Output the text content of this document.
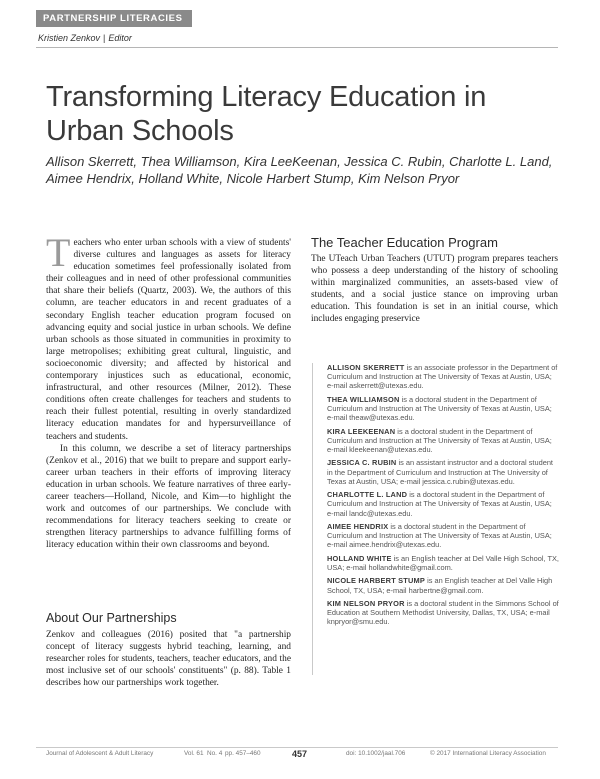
PARTNERSHIP LITERACIES
Kristien Zenkov | Editor
Transforming Literacy Education in Urban Schools
Allison Skerrett, Thea Williamson, Kira LeeKeenan, Jessica C. Rubin, Charlotte L. Land, Aimee Hendrix, Holland White, Nicole Harbert Stump, Kim Nelson Pryor

Teachers who enter urban schools with a view of students' diverse cultures and languages as assets for literacy education sometimes feel professionally isolated from their colleagues and in need of other professional communities that share their beliefs (Quartz, 2003). We, the authors of this column, are teacher educators in and recent graduates of a secondary English teacher education program focused on advancing equity and social justice in urban schools. We define urban schools as those situated in communities in proximity to large metropolises; exhibiting great cultural, linguistic, and socioeconomic diversity; and affected by historical and contemporary injustices such as educational, economic, infrastructural, and other resources (Milner, 2012). These conditions often create challenges for teachers and students to reach their fullest potential, resulting in overly standardized literacy education mandates for and hypersurveillance of teachers and students.

In this column, we describe a set of literacy partnerships (Zenkov et al., 2016) that we built to prepare and support early-career urban teachers in their efforts of improving literacy education in urban schools. We feature narratives of three early-career teachers—Holland, Nicole, and Kim—to highlight the work and outcomes of our partnerships. We conclude with recommendations for literacy teachers seeking to create or strengthen literacy partnerships to advance fulfilling forms of literacy education within their own classrooms and beyond.

About Our Partnerships

Zenkov and colleagues (2016) posited that "a partnership concept of literacy suggests hybrid teaching, learning, and researcher roles for students, teachers, teacher educators, and the most inclusive set of our schools' constituents" (p. 88). Table 1 describes how our partnerships work together.

The Teacher Education Program

The UTeach Urban Teachers (UTUT) program prepares teachers who possess a deep understanding of the history of schooling within marginalized communities, an assets-based view of students, and a social justice stance on improving urban education. This foundation is set in an initial course, which includes engaging preservice

ALLISON SKERRETT is an associate professor in the Department of Curriculum and Instruction at The University of Texas at Austin, USA; e-mail askerrett@utexas.edu.

THEA WILLIAMSON is a doctoral student in the Department of Curriculum and Instruction at The University of Texas at Austin, USA; e-mail theaw@utexas.edu.

KIRA LEEKEENAN is a doctoral student in the Department of Curriculum and Instruction at The University of Texas at Austin, USA; e-mail kleekeenan@utexas.edu.

JESSICA C. RUBIN is an assistant instructor and a doctoral student in the Department of Curriculum and Instruction at The University of Texas at Austin, USA; e-mail jessica.c.rubin@utexas.edu.

CHARLOTTE L. LAND is a doctoral student in the Department of Curriculum and Instruction at The University of Texas at Austin, USA; e-mail landc@utexas.edu.

AIMEE HENDRIX is a doctoral student in the Department of Curriculum and Instruction at The University of Texas at Austin, USA; e-mail aimee.hendrix@utexas.edu.

HOLLAND WHITE is an English teacher at Del Valle High School, TX, USA; e-mail hollandwhite@gmail.com.

NICOLE HARBERT STUMP is an English teacher at Del Valle High School, TX, USA; e-mail harbertne@gmail.com.

KIM NELSON PRYOR is a doctoral student in the Simmons School of Education at Southern Methodist University, Dallas, TX, USA; e-mail knpryor@smu.edu.

Journal of Adolescent & Adult Literacy	Vol. 61 No. 4 pp. 457–460	457	doi: 10.1002/jaal.706	© 2017 International Literacy Association
